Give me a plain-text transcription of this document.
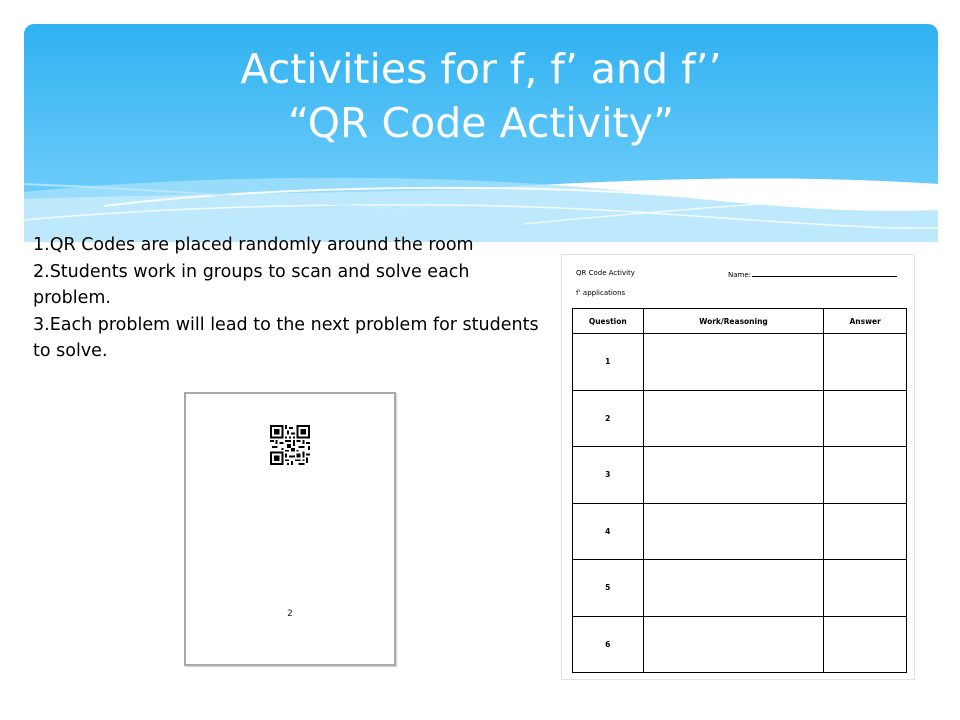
Activities for f, f’ and f’’
“QR Code Activity”

1.QR Codes are placed randomly around the room

2.Students work in groups to scan and solve each problem.

3.Each problem will lead to the next problem for students to solve.

2
QR Code Activity	Name:
f’ applications
Question	Work/Reasoning	Answer
1		
2		
3		
4		
5		
6		
